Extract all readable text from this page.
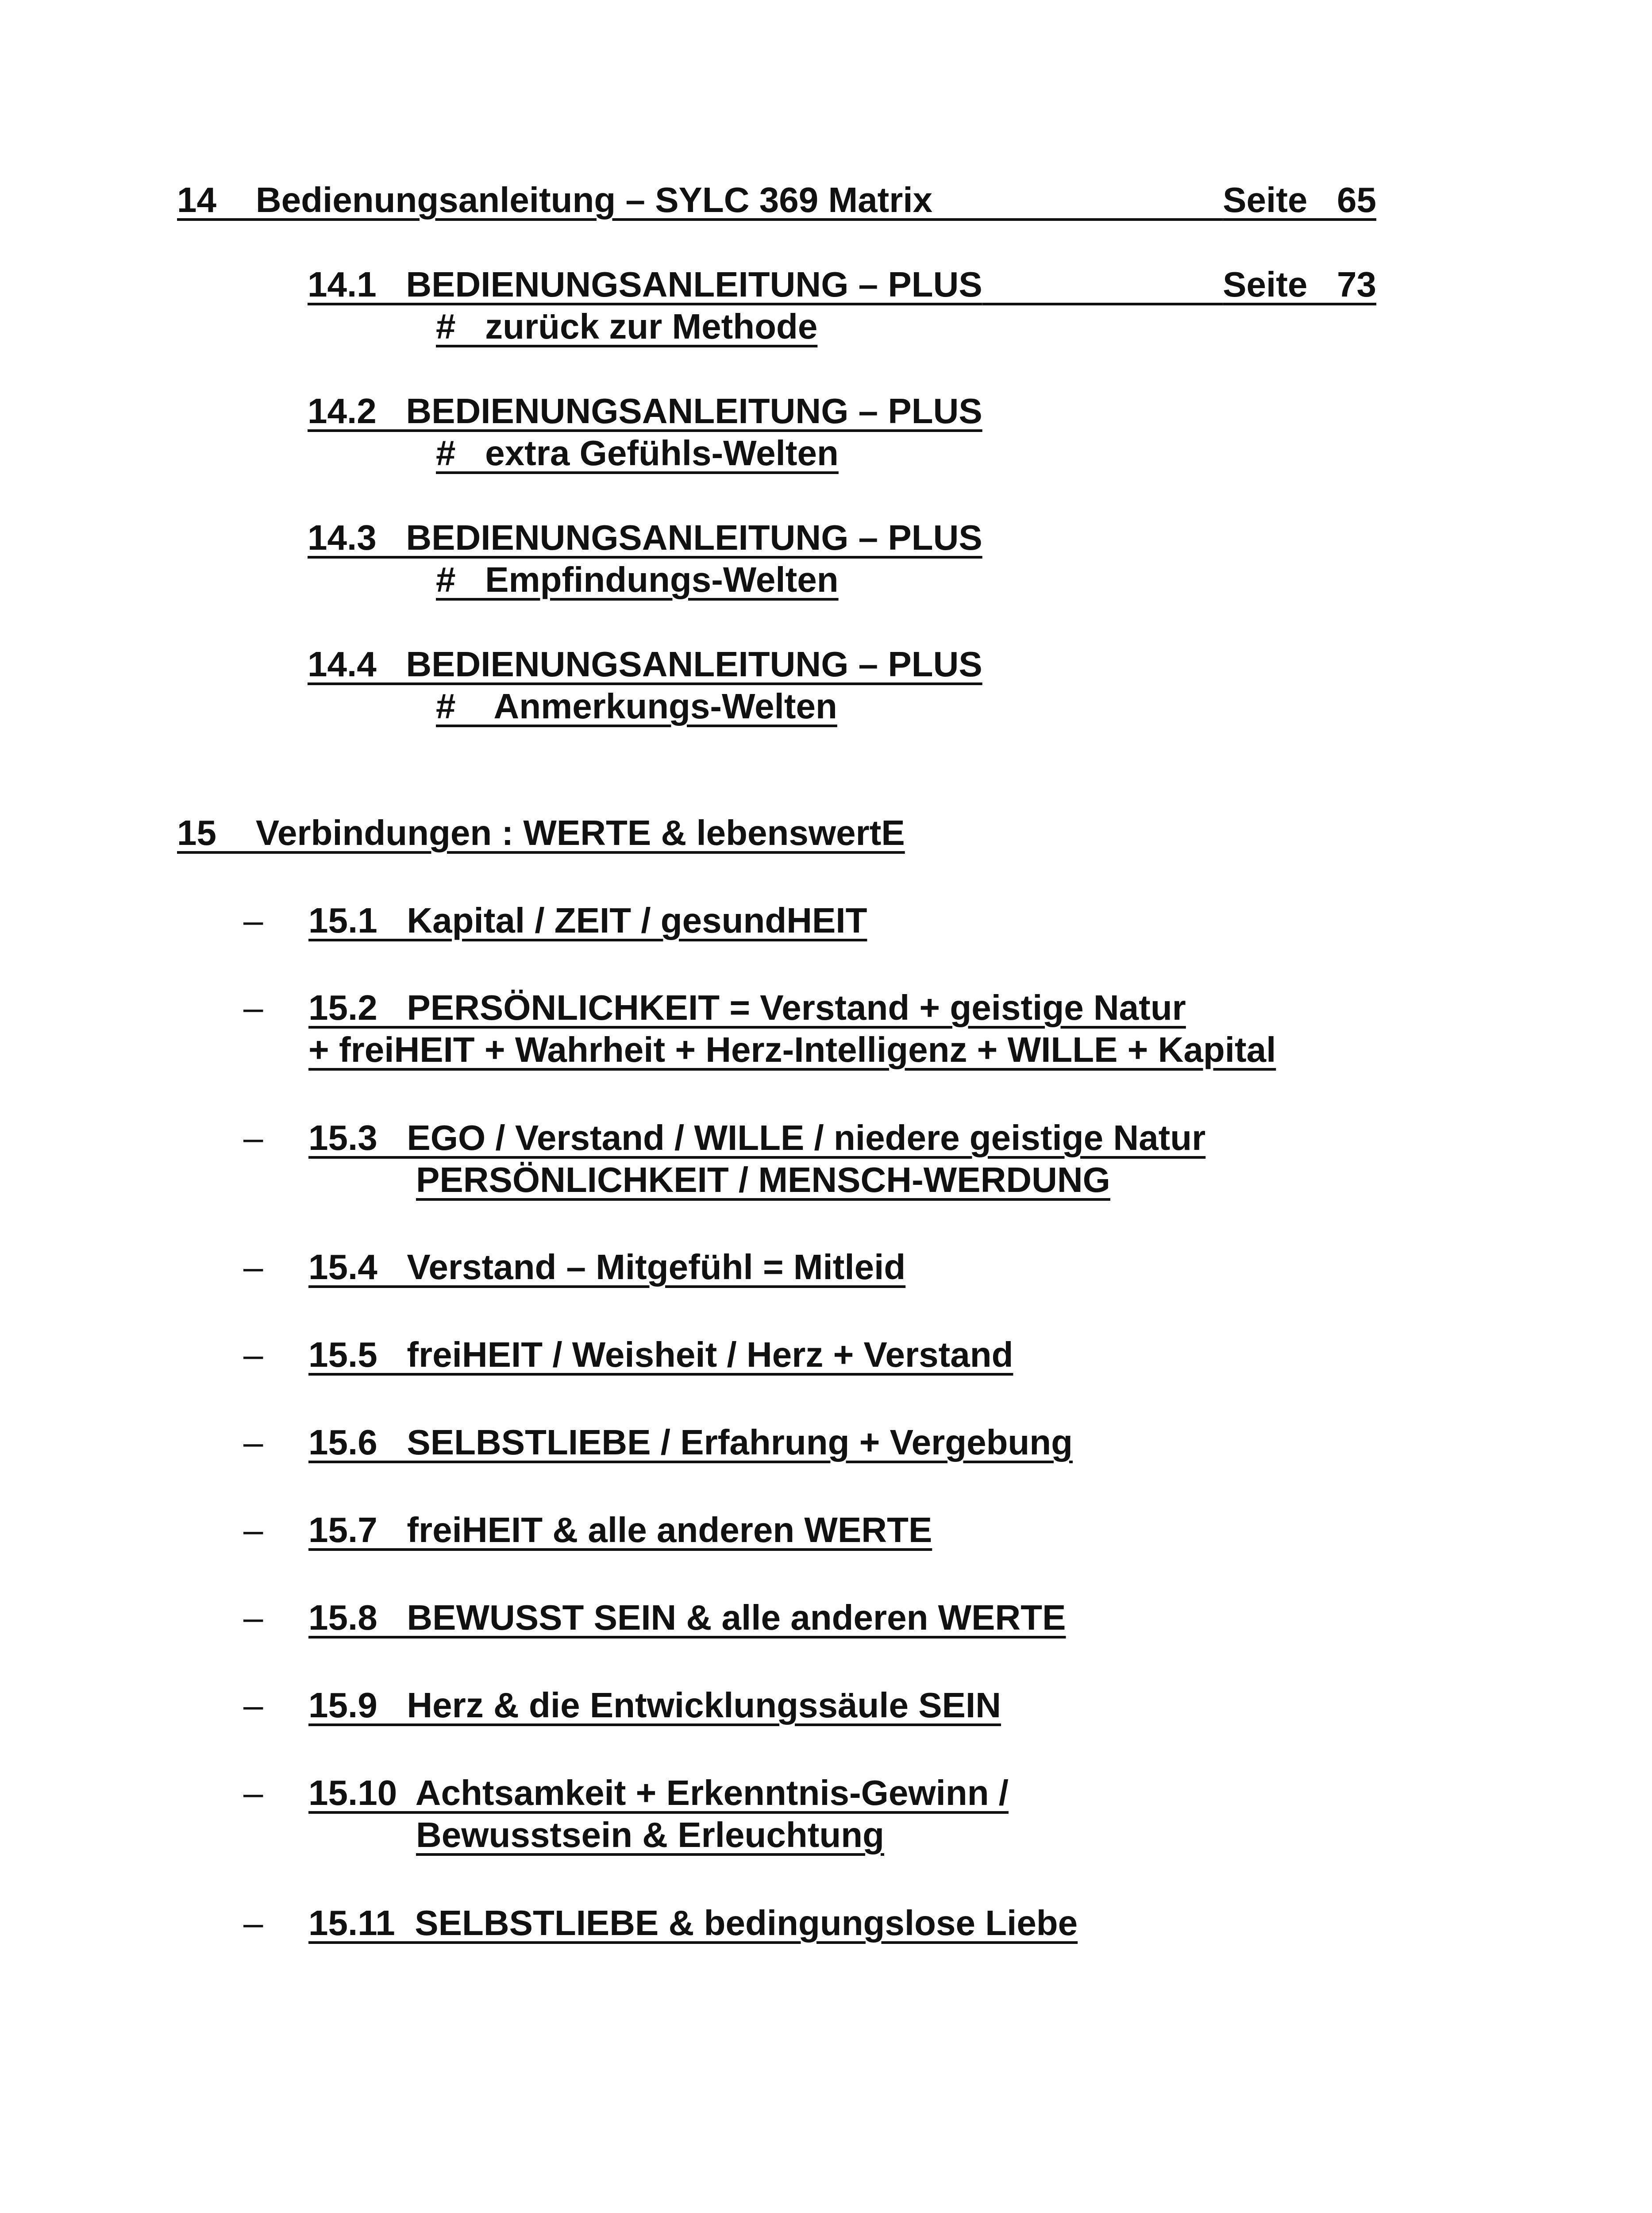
14    Bedienungsanleitung – SYLC 369 Matrix	Seite   65
14.1   BEDIENUNGSANLEITUNG – PLUS	Seite   73
#   zurück zur Methode
14.2   BEDIENUNGSANLEITUNG – PLUS
#   extra Gefühls-Welten
14.3   BEDIENUNGSANLEITUNG – PLUS
#   Empfindungs-Welten
14.4   BEDIENUNGSANLEITUNG – PLUS
#    Anmerkungs-Welten
15    Verbindungen : WERTE & lebenswertE
– 15.1   Kapital / ZEIT / gesundHEIT
– 15.2   PERSÖNLICHKEIT = Verstand + geistige Natur
+ freiHEIT + Wahrheit + Herz-Intelligenz + WILLE + Kapital
– 15.3   EGO / Verstand / WILLE / niedere geistige Natur
PERSÖNLICHKEIT / MENSCH-WERDUNG
– 15.4   Verstand – Mitgefühl = Mitleid
– 15.5   freiHEIT / Weisheit / Herz + Verstand
– 15.6   SELBSTLIEBE / Erfahrung + Vergebung
– 15.7   freiHEIT & alle anderen WERTE
– 15.8   BEWUSST SEIN & alle anderen WERTE
– 15.9   Herz & die Entwicklungssäule SEIN
– 15.10  Achtsamkeit + Erkenntnis-Gewinn /
Bewusstsein & Erleuchtung
– 15.11  SELBSTLIEBE & bedingungslose Liebe
